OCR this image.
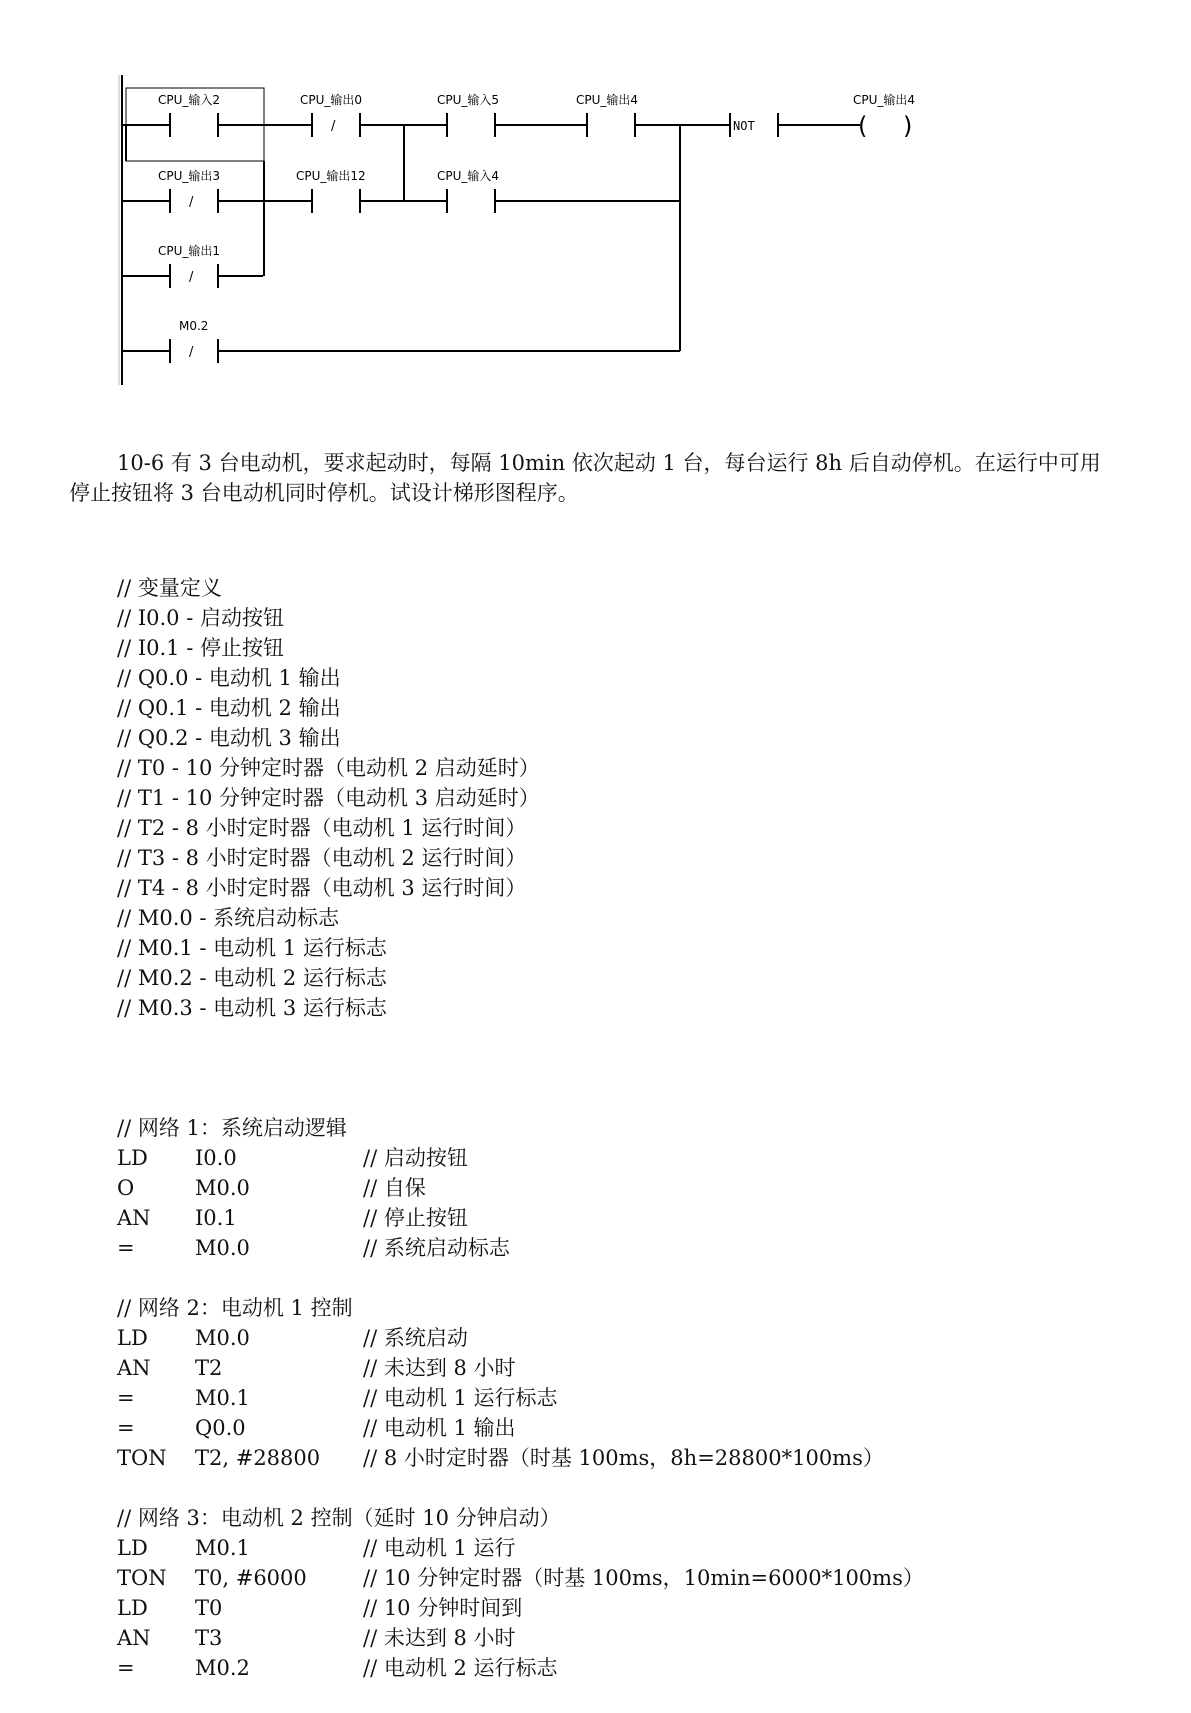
CPU_输入2
/
CPU_输出0	CPU_输入5	CPU_输出4
/
CPU_输出3	CPU_输出12	CPU_输入4
/
CPU_输出1
/
M0.2
NOT	( )
CPU_输出4
10-6 有 3 台电动机，要求起动时，每隔 10min 依次起动 1 台，每台运行 8h 后自动停机。在运行中可用停止按钮将 3 台电动机同时停机。试设计梯形图程序。

// 变量定义
// I0.0 - 启动按钮
// I0.1 - 停止按钮
// Q0.0 - 电动机 1 输出
// Q0.1 - 电动机 2 输出
// Q0.2 - 电动机 3 输出
// T0 - 10 分钟定时器（电动机 2 启动延时）
// T1 - 10 分钟定时器（电动机 3 启动延时）
// T2 - 8 小时定时器（电动机 1 运行时间）
// T3 - 8 小时定时器（电动机 2 运行时间）
// T4 - 8 小时定时器（电动机 3 运行时间）
// M0.0 - 系统启动标志
// M0.1 - 电动机 1 运行标志
// M0.2 - 电动机 2 运行标志
// M0.3 - 电动机 3 运行标志

// 网络 1：系统启动逻辑
LD I0.0	// 启动按钮
O	M0.0	// 自保
AN I0.1	// 停止按钮
=	M0.0	// 系统启动标志
// 网络 2：电动机 1 控制
LD M0.0	// 系统启动
AN T2	// 未达到 8 小时
=	M0.1	// 电动机 1 运行标志
=	Q0.0	// 电动机 1 输出
TON T2, #28800 // 8 小时定时器（时基 100ms，8h=28800*100ms）
// 网络 3：电动机 2 控制（延时 10 分钟启动）
LD M0.1	// 电动机 1 运行
TON T0, #6000	// 10 分钟定时器（时基 100ms，10min=6000*100ms）
LD T0	// 10 分钟时间到
AN T3	// 未达到 8 小时
=	M0.2	// 电动机 2 运行标志
